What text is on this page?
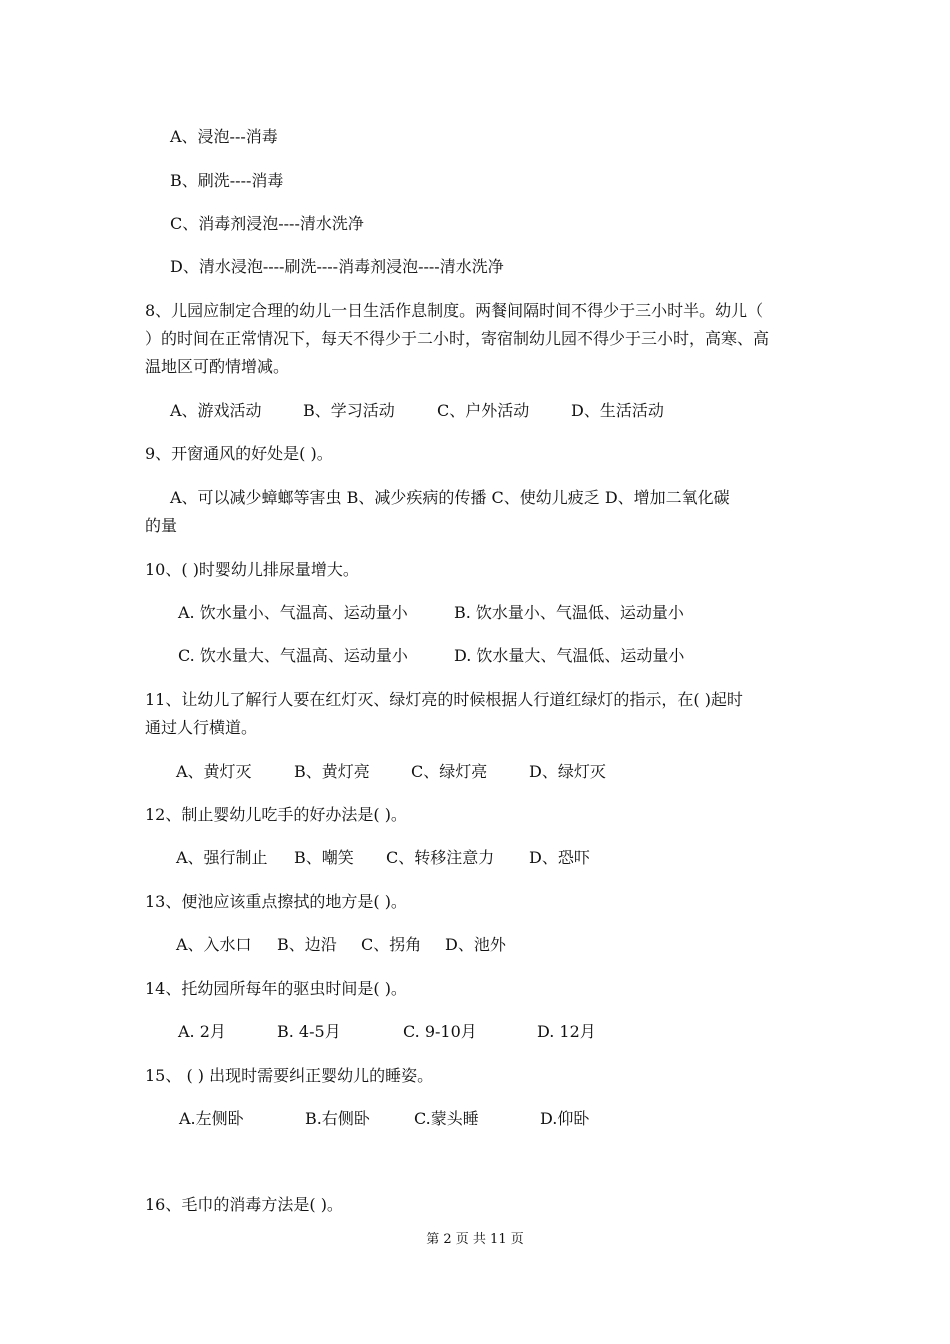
A、浸泡---消毒
B、刷洗----消毒
C、消毒剂浸泡----清水洗净
D、清水浸泡----刷洗----消毒剂浸泡----清水洗净
8、儿园应制定合理的幼儿一日生活作息制度。两餐间隔时间不得少于三小时半。幼儿（
）的时间在正常情况下，每天不得少于二小时，寄宿制幼儿园不得少于三小时，高寒、高
温地区可酌情增减。
A、游戏活动	B、学习活动	C、户外活动	D、生活活动
9、开窗通风的好处是( )。
A、可以减少蟑螂等害虫 B、减少疾病的传播 C、使幼儿疲乏 D、增加二氧化碳
的量
10、( )时婴幼儿排尿量增大。
A. 饮水量小、气温高、运动量小	B. 饮水量小、气温低、运动量小
C. 饮水量大、气温高、运动量小	D. 饮水量大、气温低、运动量小
11、让幼儿了解行人要在红灯灭、绿灯亮的时候根据人行道红绿灯的指示，在( )起时
通过人行横道。
A、黄灯灭	B、黄灯亮	C、绿灯亮	D、绿灯灭
12、制止婴幼儿吃手的好办法是( )。
A、强行制止 B、嘲笑 C、转移注意力 D、恐吓
13、便池应该重点擦拭的地方是( )。
A、入水口 B、边沿 C、拐角 D、池外
14、托幼园所每年的驱虫时间是( )。
A. 2月	B. 4-5月	C. 9-10月	D. 12月
15、 ( ) 出现时需要纠正婴幼儿的睡姿。
A.左侧卧	B.右侧卧	C.蒙头睡	D.仰卧
16、毛巾的消毒方法是( )。
第 2 页 共 11 页
